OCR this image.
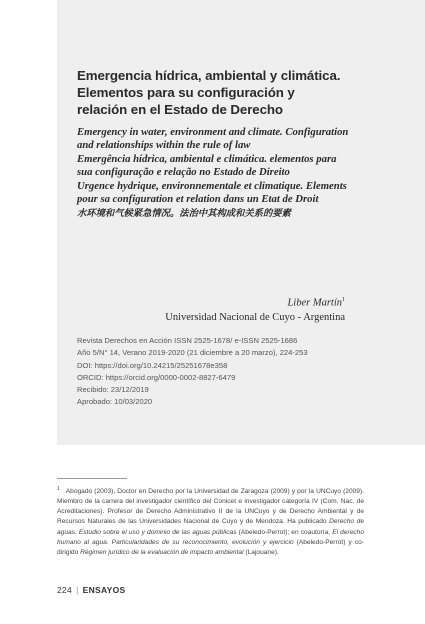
Emergencia hídrica, ambiental y climática.
Elementos para su configuración y
relación en el Estado de Derecho
Emergency in water, environment and climate. Configuration and relationships within the rule of law
Emergência hídrica, ambiental e climática. elementos para sua configuração e relação no Estado de Direito
Urgence hydrique, environnementale et climatique. Elements pour sa configuration et relation dans un Etat de Droit
水环境和气候紧急情况。法治中其构成和关系的要素
Liber Martín$^1$
Universidad Nacional de Cuyo - Argentina
Revista Derechos en Acción ISSN 2525-1678/ e-ISSN 2525-1686
Año 5/N° 14, Verano 2019-2020 (21 diciembre a 20 marzo), 224-253
DOI: https://doi.org/10.24215/25251678e358
ORCID: https://orcid.org/0000-0002-8827-6479
Recibido: 23/12/2019
Aprobado: 10/03/2020
$^1$ Abogado (2003), Doctor en Derecho por la Universidad de Zaragoza (2009) y por la UNCuyo (2009). Miembro de la carrera del investigador científico del Conicet e investigador categoría IV (Com. Nac. de Acreditaciones). Profesor de Derecho Administrativo II de la UNCuyo y de Derecho Ambiental y de Recursos Naturales de las Universidades Nacional de Cuyo y de Mendoza. Ha publicado Derecho de aguas. Estudio sobre el uso y dominio de las aguas públicas (Abeledo-Perrot); en coautoría, El derecho humano al agua. Particularidades de su reconocimiento, evolución y ejercicio (Abeledo-Perrot) y co-dirigido Régimen jurídico de la evaluación de impacto ambiental (Lajouane).
224 | ENSAYOS
